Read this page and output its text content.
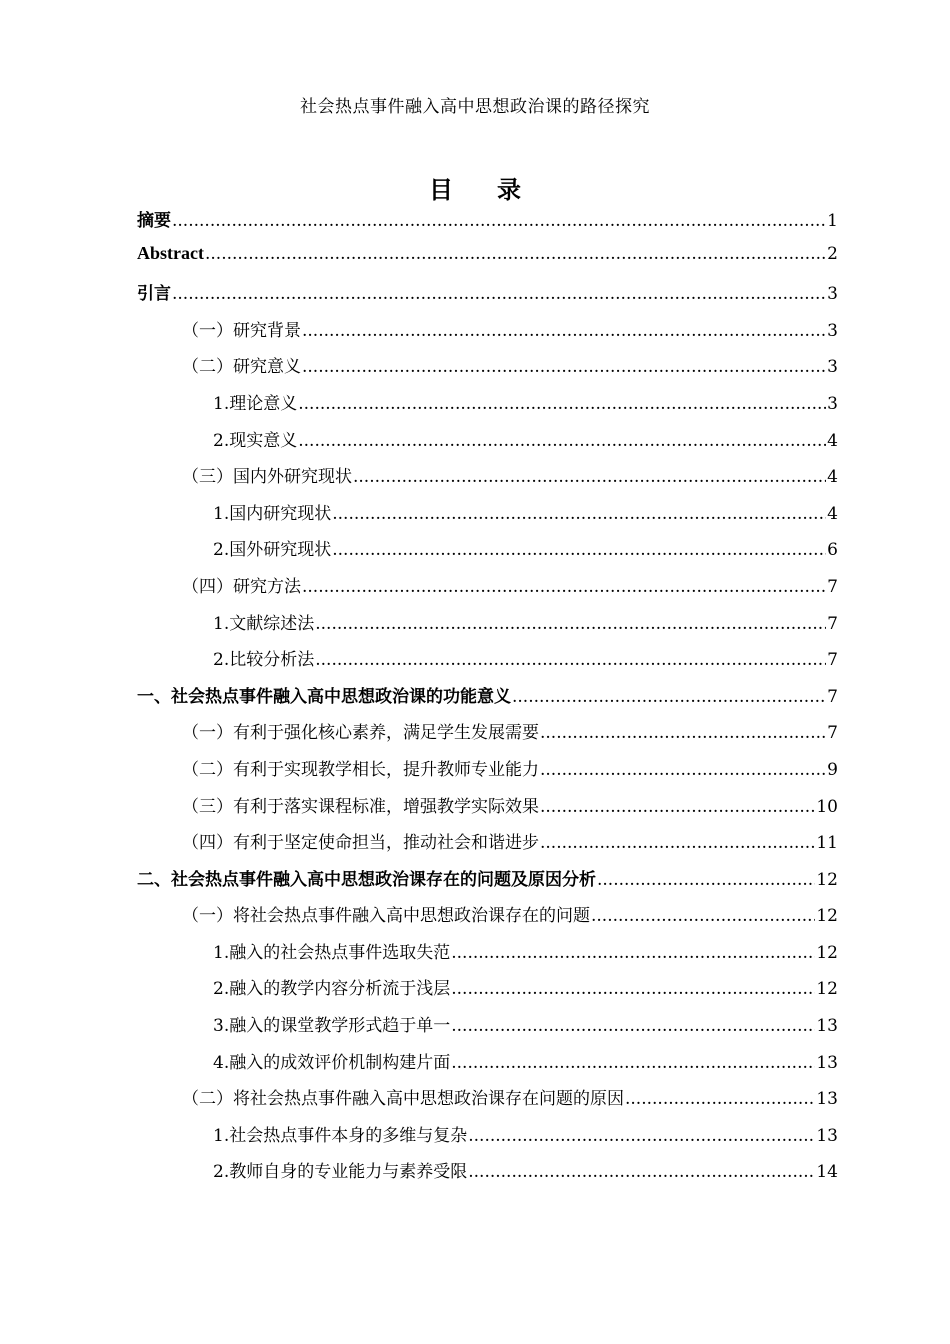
社会热点事件融入高中思想政治课的路径探究
目 录
摘要 .....	1
Abstract .....	2
引言 .....	3
（一）研究背景 .....	3
（二）研究意义 .....	3
1.理论意义 .....	3
2.现实意义 .....	4
（三）国内外研究现状 .....	4
1.国内研究现状 .....	4
2.国外研究现状 .....	6
（四）研究方法 .....	7
1.文献综述法 .....	7
2.比较分析法 .....	7
一、社会热点事件融入高中思想政治课的功能意义 .....	7
（一）有利于强化核心素养，满足学生发展需要 .....	7
（二）有利于实现教学相长，提升教师专业能力 .....	9
（三）有利于落实课程标准，增强教学实际效果 .....	10
（四）有利于坚定使命担当，推动社会和谐进步 .....	11
二、社会热点事件融入高中思想政治课存在的问题及原因分析 .....	12
（一）将社会热点事件融入高中思想政治课存在的问题 .....	12
1.融入的社会热点事件选取失范 .....	12
2.融入的教学内容分析流于浅层 .....	12
3.融入的课堂教学形式趋于单一 .....	13
4.融入的成效评价机制构建片面 .....	13
（二）将社会热点事件融入高中思想政治课存在问题的原因 .....	13
1.社会热点事件本身的多维与复杂 .....	13
2.教师自身的专业能力与素养受限 .....	14
